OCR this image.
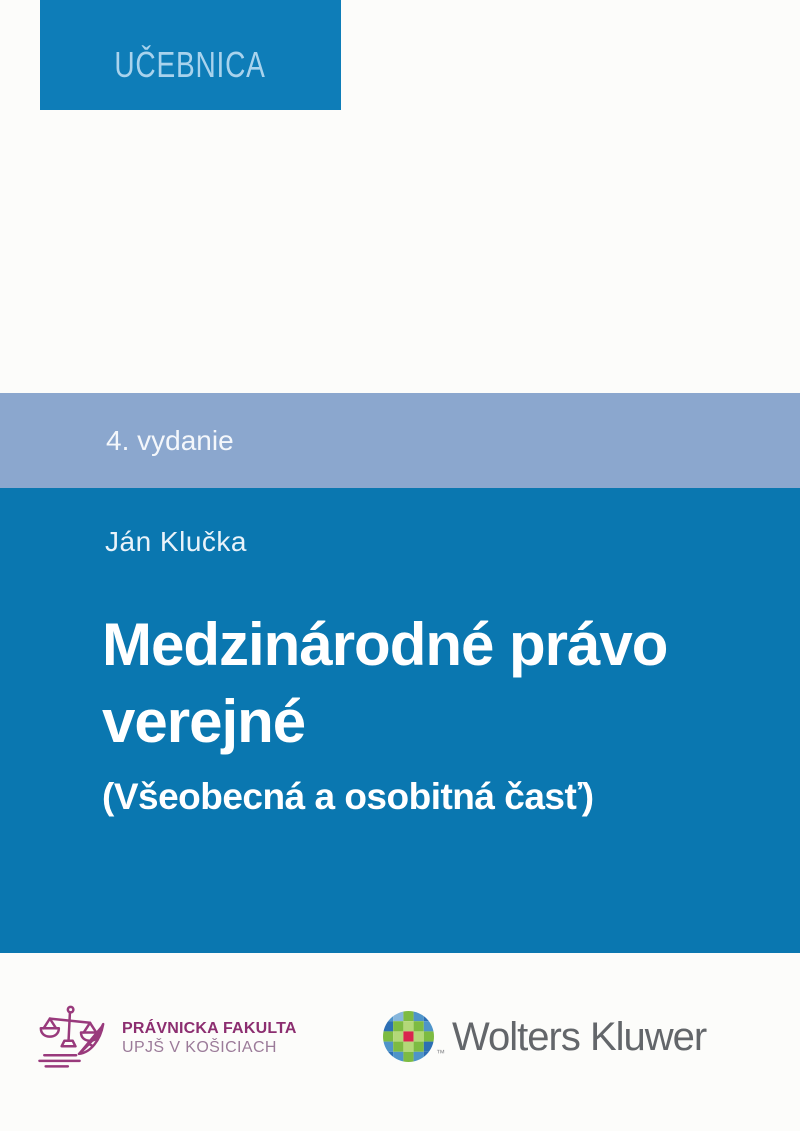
UČEBNICA
4. vydanie
Ján Klučka
Medzinárodné právo
verejné
(Všeobecná a osobitná časť)
PRÁVNICKA FAKULTA
UPJŠ V KOŠICIACH	™ Wolters Kluwer
